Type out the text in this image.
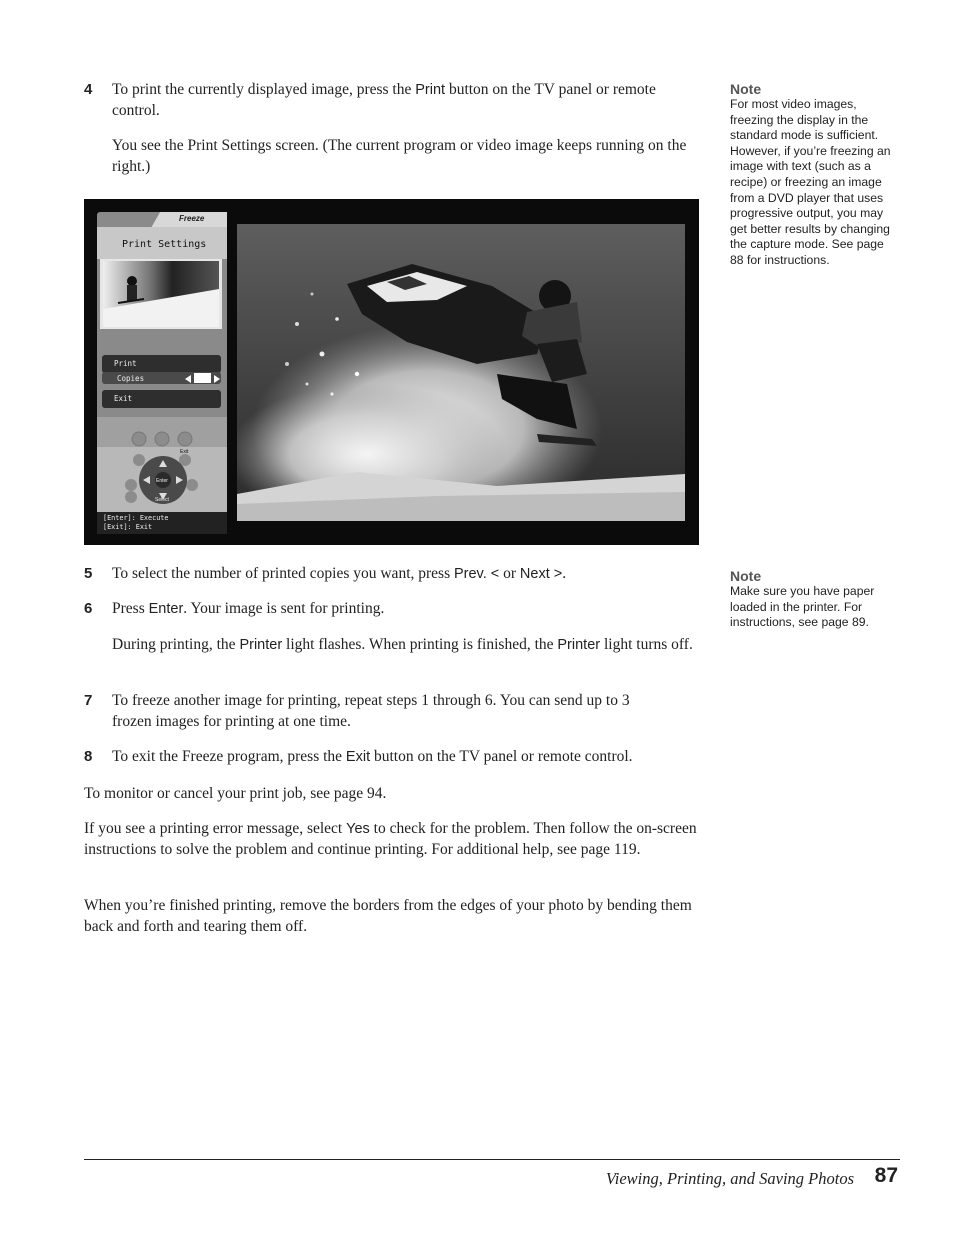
4 To print the currently displayed image, press the Print button on the TV panel or remote control.
You see the Print Settings screen. (The current program or video image keeps running on the right.)
Freeze
Print Settings
Print
Copies	1
Exit
Exit
Enter
Select
[Enter]: Execute
[Exit]: Exit
5 To select the number of printed copies you want, press Prev. < or Next >.
6 Press Enter. Your image is sent for printing.
During printing, the Printer light flashes. When printing is finished, the Printer light turns off.
7 To freeze another image for printing, repeat steps 1 through 6. You can send up to 3 frozen images for printing at one time.
8 To exit the Freeze program, press the Exit button on the TV panel or remote control.
To monitor or cancel your print job, see page 94.
If you see a printing error message, select Yes to check for the problem. Then follow the on-screen instructions to solve the problem and continue printing. For additional help, see page 119.
When you’re finished printing, remove the borders from the edges of your photo by bending them back and forth and tearing them off.
Note
For most video images, freezing the display in the standard mode is sufficient. However, if you’re freezing an image with text (such as a recipe) or freezing an image from a DVD player that uses progressive output, you may get better results by changing the capture mode. See page 88 for instructions.
Note
Make sure you have paper loaded in the printer. For instructions, see page 89.
Viewing, Printing, and Saving Photos 87
